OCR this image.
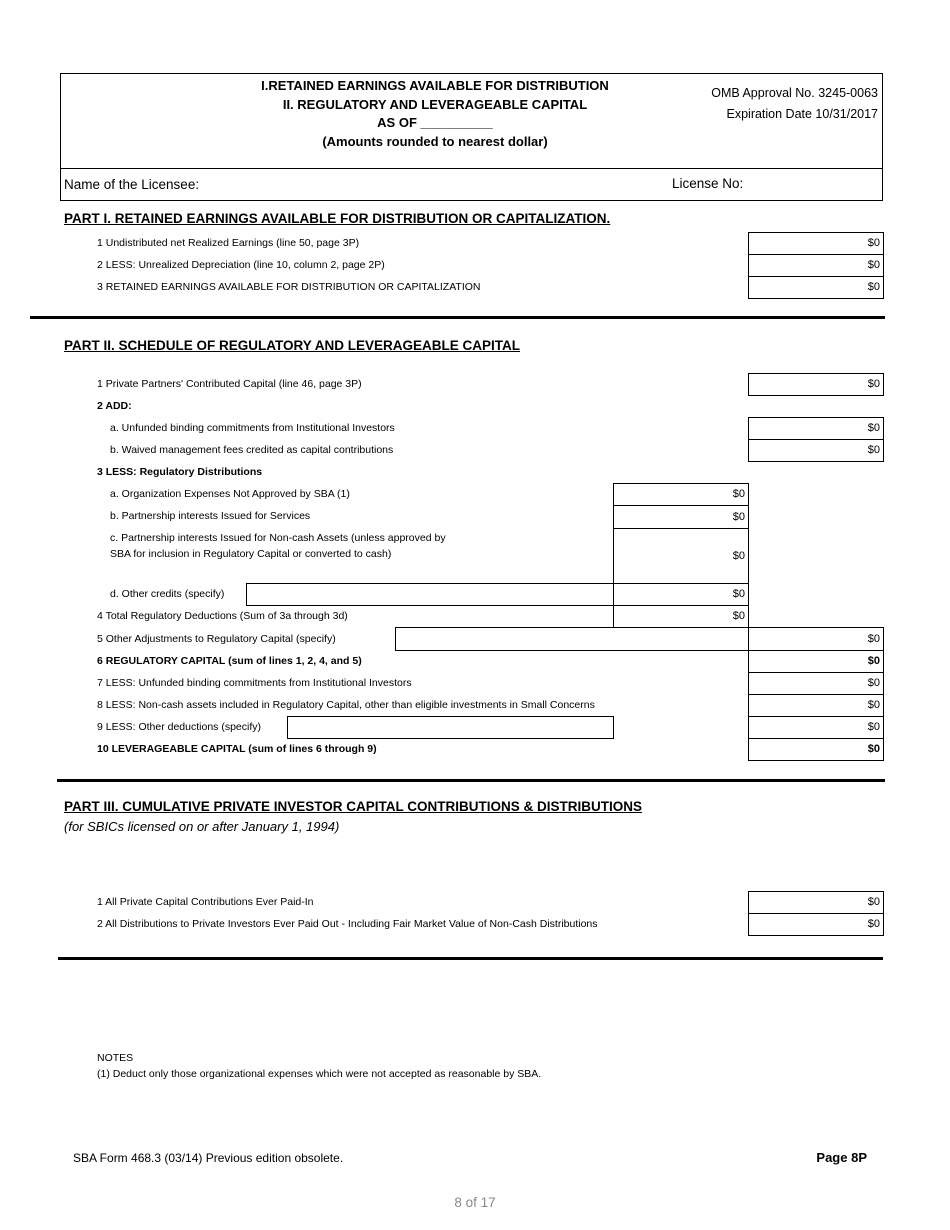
I.RETAINED EARNINGS AVAILABLE FOR DISTRIBUTION
II. REGULATORY AND LEVERAGEABLE CAPITAL
AS OF __________
(Amounts rounded to nearest dollar)
OMB Approval No. 3245-0063
Expiration Date 10/31/2017
Name of the Licensee:	License No:
PART I. RETAINED EARNINGS AVAILABLE FOR DISTRIBUTION OR CAPITALIZATION.
1 Undistributed net Realized Earnings (line 50, page 3P)
2 LESS: Unrealized Depreciation (line 10, column 2, page 2P)
3 RETAINED EARNINGS AVAILABLE FOR DISTRIBUTION OR CAPITALIZATION
$0
$0
$0
PART II. SCHEDULE OF REGULATORY AND LEVERAGEABLE CAPITAL
1 Private Partners' Contributed Capital (line 46, page 3P)
2 ADD:
a. Unfunded binding commitments from Institutional Investors
b. Waived management fees credited as capital contributions
3 LESS: Regulatory Distributions
a. Organization Expenses Not Approved by SBA (1)
b. Partnership interests Issued for Services
c. Partnership interests Issued for Non-cash Assets (unless approved by
SBA for inclusion in Regulatory Capital or converted to cash)
d. Other credits (specify)
4 Total Regulatory Deductions (Sum of 3a through 3d)
5 Other Adjustments to Regulatory Capital (specify)
6 REGULATORY CAPITAL (sum of lines 1, 2, 4, and 5)
7 LESS: Unfunded binding commitments from Institutional Investors
8 LESS: Non-cash assets included in Regulatory Capital, other than eligible investments in Small Concerns
9 LESS: Other deductions (specify)
10 LEVERAGEABLE CAPITAL (sum of lines 6 through 9)
$0
$0
$0
$0
$0
$0
$0
$0
$0
$0
$0
$0
$0
$0
PART III. CUMULATIVE PRIVATE INVESTOR CAPITAL CONTRIBUTIONS & DISTRIBUTIONS
(for SBICs licensed on or after January 1, 1994)
1 All Private Capital Contributions Ever Paid-In
2 All Distributions to Private Investors Ever Paid Out - Including Fair Market Value of Non-Cash Distributions
$0
$0
NOTES
(1) Deduct only those organizational expenses which were not accepted as reasonable by SBA.
SBA Form 468.3 (03/14) Previous edition obsolete.	Page 8P
8 of 17
